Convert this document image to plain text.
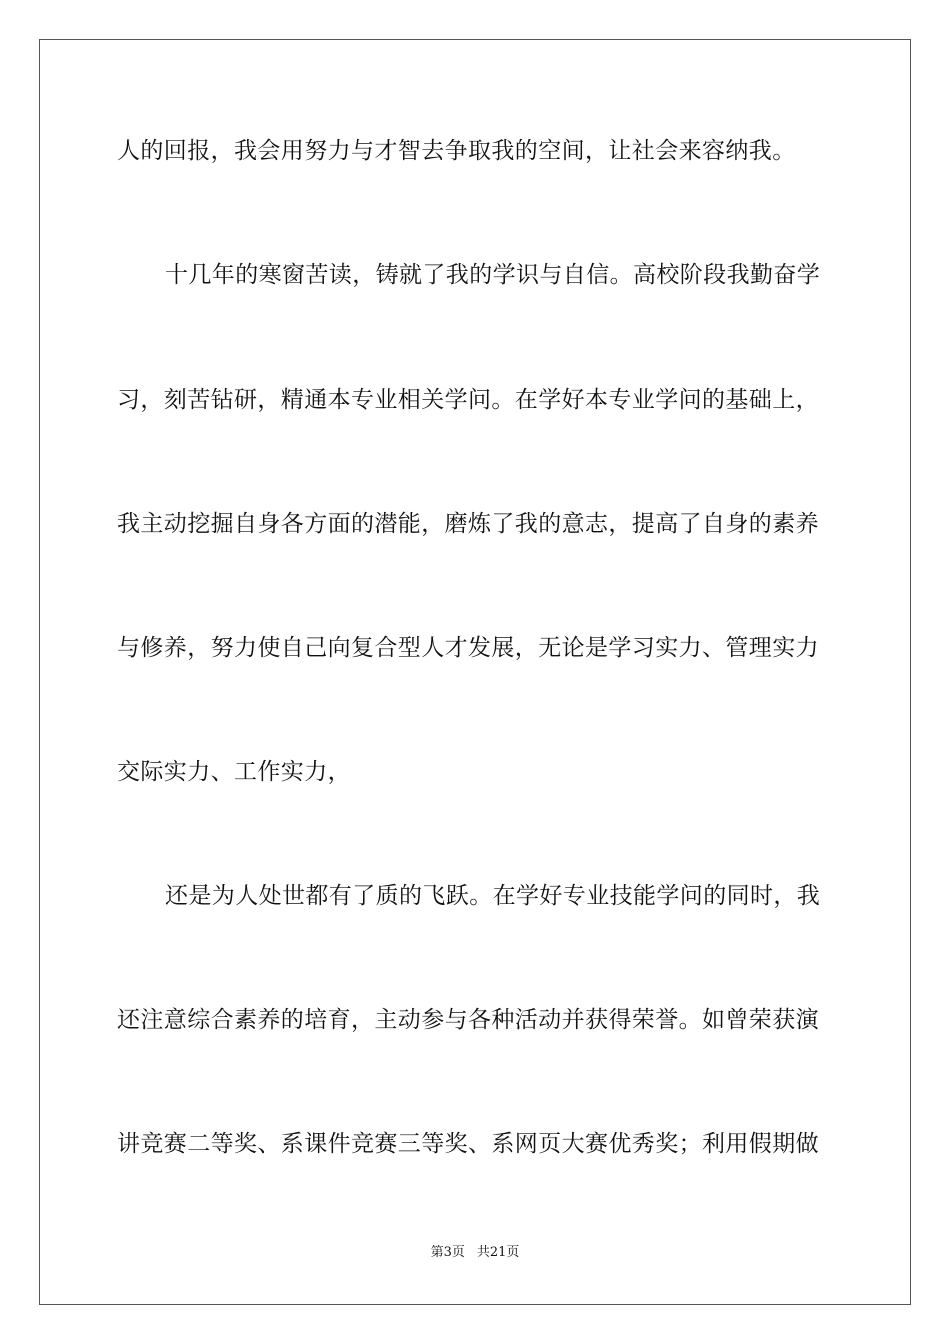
人的回报，我会用努力与才智去争取我的空间，让社会来容纳我。
十几年的寒窗苦读，铸就了我的学识与自信。高校阶段我勤奋学
习，刻苦钻研，精通本专业相关学问。在学好本专业学问的基础上，
我主动挖掘自身各方面的潜能，磨炼了我的意志，提高了自身的素养
与修养，努力使自己向复合型人才发展，无论是学习实力、管理实力
交际实力、工作实力，
还是为人处世都有了质的飞跃。在学好专业技能学问的同时，我
还注意综合素养的培育，主动参与各种活动并获得荣誉。如曾荣获演
讲竞赛二等奖、系课件竞赛三等奖、系网页大赛优秀奖；利用假期做
第3页 共21页
